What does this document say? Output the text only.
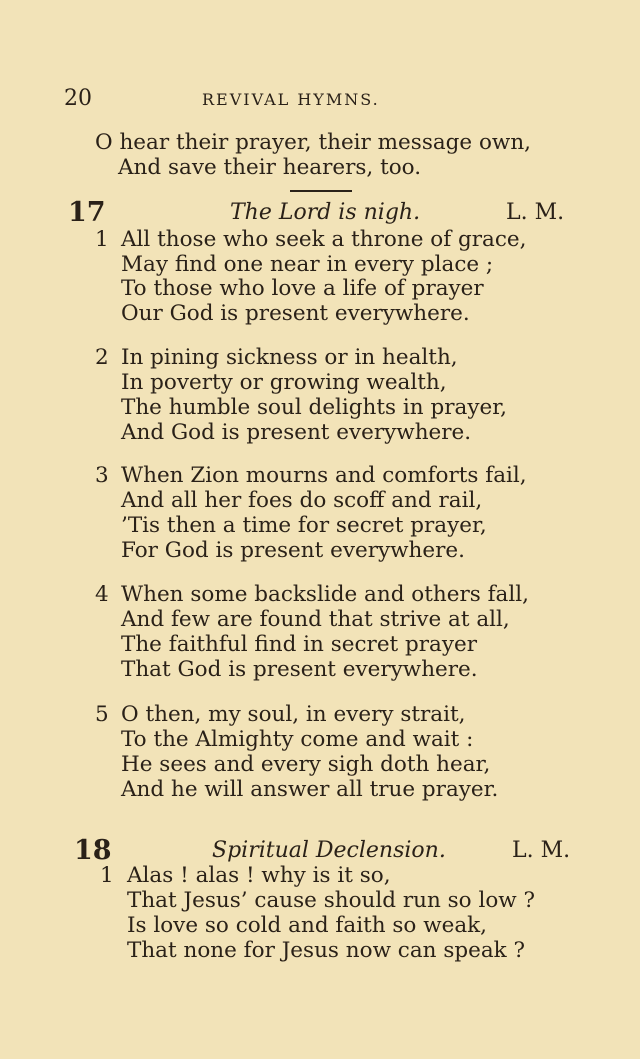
20	REVIVAL HYMNS.
O hear their prayer, their message own,
And save their hearers, too.
17	The Lord is nigh.	L. M.
1 All those who seek a throne of grace,
May find one near in every place ;
To those who love a life of prayer
Our God is present everywhere.
2 In pining sickness or in health,
In poverty or growing wealth,
The humble soul delights in prayer,
And God is present everywhere.
3 When Zion mourns and comforts fail,
And all her foes do scoff and rail,
’Tis then a time for secret prayer,
For God is present everywhere.
4 When some backslide and others fall,
And few are found that strive at all,
The faithful find in secret prayer
That God is present everywhere.
5 O then, my soul, in every strait,
To the Almighty come and wait :
He sees and every sigh doth hear,
And he will answer all true prayer.
18	Spiritual Declension.	L. M.
1 Alas ! alas ! why is it so,
That Jesus’ cause should run so low ?
Is love so cold and faith so weak,
That none for Jesus now can speak ?
